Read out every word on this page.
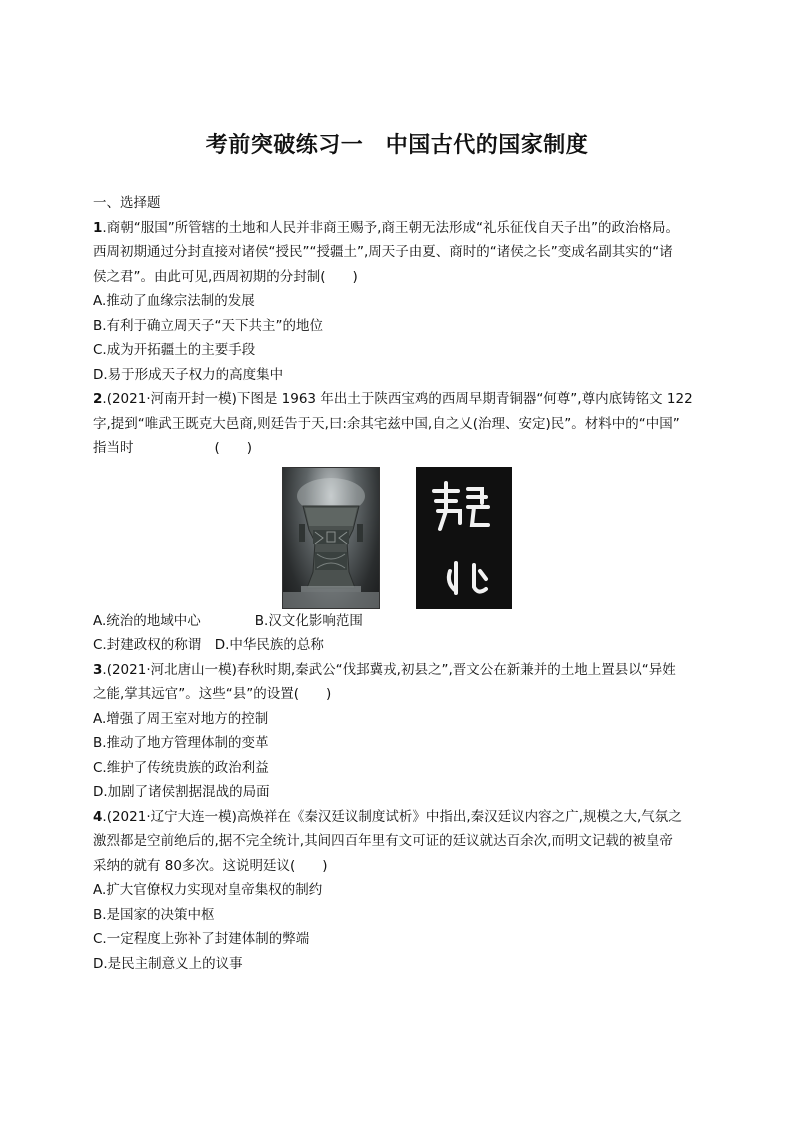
考前突破练习一　中国古代的国家制度
一、选择题
1.商朝“服国”所管辖的土地和人民并非商王赐予,商王朝无法形成“礼乐征伐自天子出”的政治格局。
西周初期通过分封直接对诸侯“授民”“授疆土”,周天子由夏、商时的“诸侯之长”变成名副其实的“诸
侯之君”。由此可见,西周初期的分封制(　　)
A.推动了血缘宗法制的发展
B.有利于确立周天子“天下共主”的地位
C.成为开拓疆土的主要手段
D.易于形成天子权力的高度集中
2.(2021·河南开封一模)下图是 1963 年出土于陕西宝鸡的西周早期青铜器“何尊”,尊内底铸铭文 122
字,提到“唯武王既克大邑商,则廷告于天,曰:余其宅兹中国,自之乂(治理、安定)民”。材料中的“中国”
指当时　　　　　　(　　)
A.统治的地域中心　　　　B.汉文化影响范围
C.封建政权的称谓　D.中华民族的总称
3.(2021·河北唐山一模)春秋时期,秦武公“伐邽冀戎,初县之”,晋文公在新兼并的土地上置县以“异姓
之能,掌其远官”。这些“县”的设置(　　)
A.增强了周王室对地方的控制
B.推动了地方管理体制的变革
C.维护了传统贵族的政治利益
D.加剧了诸侯割据混战的局面
4.(2021·辽宁大连一模)高焕祥在《秦汉廷议制度试析》中指出,秦汉廷议内容之广,规模之大,气氛之
激烈都是空前绝后的,据不完全统计,其间四百年里有文可证的廷议就达百余次,而明文记载的被皇帝
采纳的就有 80多次。这说明廷议(　　)
A.扩大官僚权力实现对皇帝集权的制约
B.是国家的决策中枢
C.一定程度上弥补了封建体制的弊端
D.是民主制意义上的议事
